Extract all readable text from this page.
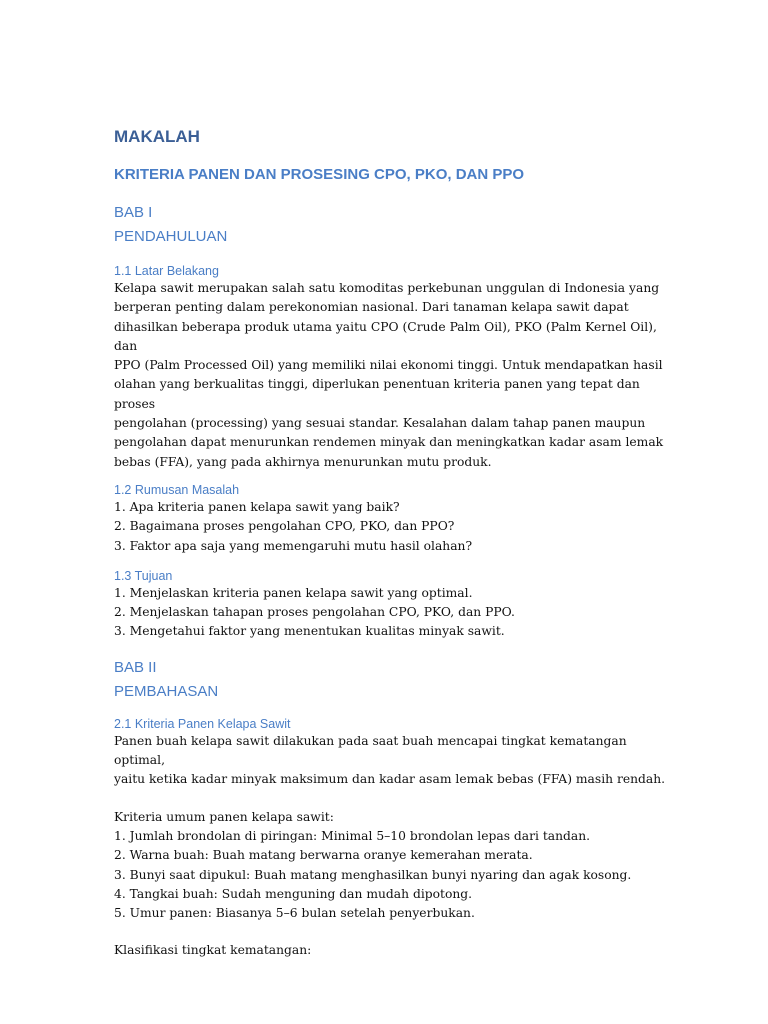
MAKALAH
KRITERIA PANEN DAN PROSESING CPO, PKO, DAN PPO
BAB I
PENDAHULUAN
1.1 Latar Belakang
Kelapa sawit merupakan salah satu komoditas perkebunan unggulan di Indonesia yang
berperan penting dalam perekonomian nasional. Dari tanaman kelapa sawit dapat
dihasilkan beberapa produk utama yaitu CPO (Crude Palm Oil), PKO (Palm Kernel Oil), dan
PPO (Palm Processed Oil) yang memiliki nilai ekonomi tinggi. Untuk mendapatkan hasil
olahan yang berkualitas tinggi, diperlukan penentuan kriteria panen yang tepat dan proses
pengolahan (processing) yang sesuai standar. Kesalahan dalam tahap panen maupun
pengolahan dapat menurunkan rendemen minyak dan meningkatkan kadar asam lemak
bebas (FFA), yang pada akhirnya menurunkan mutu produk.
1.2 Rumusan Masalah
1. Apa kriteria panen kelapa sawit yang baik?
2. Bagaimana proses pengolahan CPO, PKO, dan PPO?
3. Faktor apa saja yang memengaruhi mutu hasil olahan?
1.3 Tujuan
1. Menjelaskan kriteria panen kelapa sawit yang optimal.
2. Menjelaskan tahapan proses pengolahan CPO, PKO, dan PPO.
3. Mengetahui faktor yang menentukan kualitas minyak sawit.
BAB II
PEMBAHASAN
2.1 Kriteria Panen Kelapa Sawit
Panen buah kelapa sawit dilakukan pada saat buah mencapai tingkat kematangan optimal,
yaitu ketika kadar minyak maksimum dan kadar asam lemak bebas (FFA) masih rendah.
Kriteria umum panen kelapa sawit:
1. Jumlah brondolan di piringan: Minimal 5–10 brondolan lepas dari tandan.
2. Warna buah: Buah matang berwarna oranye kemerahan merata.
3. Bunyi saat dipukul: Buah matang menghasilkan bunyi nyaring dan agak kosong.
4. Tangkai buah: Sudah menguning dan mudah dipotong.
5. Umur panen: Biasanya 5–6 bulan setelah penyerbukan.
Klasifikasi tingkat kematangan:
